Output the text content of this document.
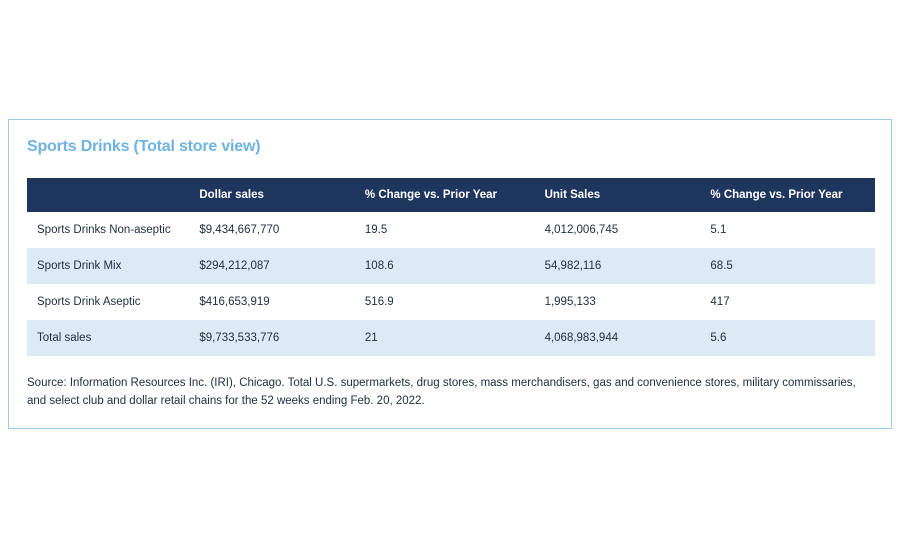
Sports Drinks (Total store view)
	Dollar sales	% Change vs. Prior Year	Unit Sales	% Change vs. Prior Year
Sports Drinks Non-aseptic	$9,434,667,770	19.5	4,012,006,745	5.1
Sports Drink Mix	$294,212,087	108.6	54,982,116	68.5
Sports Drink Aseptic	$416,653,919	516.9	1,995,133	417
Total sales	$9,733,533,776	21	4,068,983,944	5.6
Source: Information Resources Inc. (IRI), Chicago. Total U.S. supermarkets, drug stores, mass merchandisers, gas and convenience stores, military commissaries, and select club and dollar retail chains for the 52 weeks ending Feb. 20, 2022.
